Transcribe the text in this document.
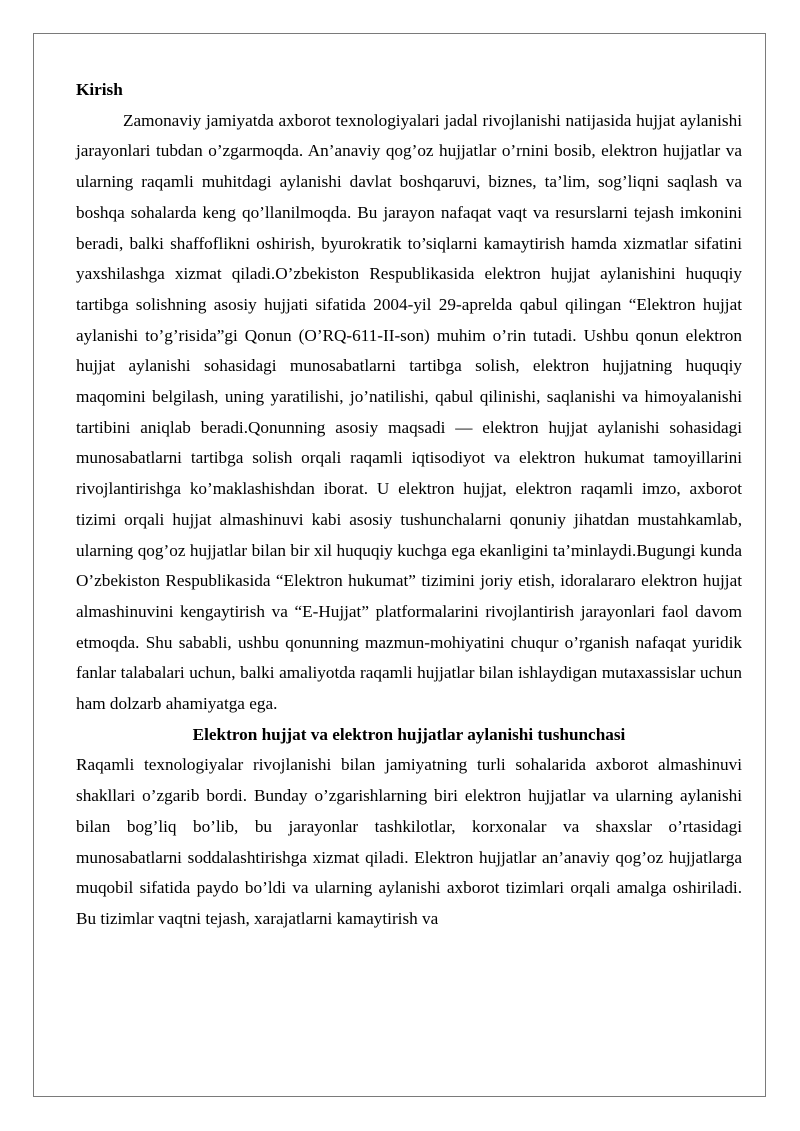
Kirish

Zamonaviy jamiyatda axborot texnologiyalari jadal rivojlanishi natijasida hujjat aylanishi jarayonlari tubdan o’zgarmoqda. An’anaviy qog’oz hujjatlar o’rnini bosib, elektron hujjatlar va ularning raqamli muhitdagi aylanishi davlat boshqaruvi, biznes, ta’lim, sog’liqni saqlash va boshqa sohalarda keng qo’llanilmoqda. Bu jarayon nafaqat vaqt va resurslarni tejash imkonini beradi, balki shaffoflikni oshirish, byurokratik to’siqlarni kamaytirish hamda xizmatlar sifatini yaxshilashga xizmat qiladi.O’zbekiston Respublikasida elektron hujjat aylanishini huquqiy tartibga solishning asosiy hujjati sifatida 2004-yil 29-aprelda qabul qilingan “Elektron hujjat aylanishi to’g’risida”gi Qonun (O’RQ-611-II-son) muhim o’rin tutadi. Ushbu qonun elektron hujjat aylanishi sohasidagi munosabatlarni tartibga solish, elektron hujjatning huquqiy maqomini belgilash, uning yaratilishi, jo’natilishi, qabul qilinishi, saqlanishi va himoyalanishi tartibini aniqlab beradi.Qonunning asosiy maqsadi — elektron hujjat aylanishi sohasidagi munosabatlarni tartibga solish orqali raqamli iqtisodiyot va elektron hukumat tamoyillarini rivojlantirishga ko’maklashishdan iborat. U elektron hujjat, elektron raqamli imzo, axborot tizimi orqali hujjat almashinuvi kabi asosiy tushunchalarni qonuniy jihatdan mustahkamlab, ularning qog’oz hujjatlar bilan bir xil huquqiy kuchga ega ekanligini ta’minlaydi.Bugungi kunda O’zbekiston Respublikasida “Elektron hukumat” tizimini joriy etish, idoralararo elektron hujjat almashinuvini kengaytirish va “E-Hujjat” platformalarini rivojlantirish jarayonlari faol davom etmoqda. Shu sababli, ushbu qonunning mazmun-mohiyatini chuqur o’rganish nafaqat yuridik fanlar talabalari uchun, balki amaliyotda raqamli hujjatlar bilan ishlaydigan mutaxassislar uchun ham dolzarb ahamiyatga ega.

Elektron hujjat va elektron hujjatlar aylanishi tushunchasi

Raqamli texnologiyalar rivojlanishi bilan jamiyatning turli sohalarida axborot almashinuvi shakllari o’zgarib bordi. Bunday o’zgarishlarning biri elektron hujjatlar va ularning aylanishi bilan bog’liq bo’lib, bu jarayonlar tashkilotlar, korxonalar va shaxslar o’rtasidagi munosabatlarni soddalashtirishga xizmat qiladi. Elektron hujjatlar an’anaviy qog’oz hujjatlarga muqobil sifatida paydo bo’ldi va ularning aylanishi axborot tizimlari orqali amalga oshiriladi. Bu tizimlar vaqtni tejash, xarajatlarni kamaytirish va
